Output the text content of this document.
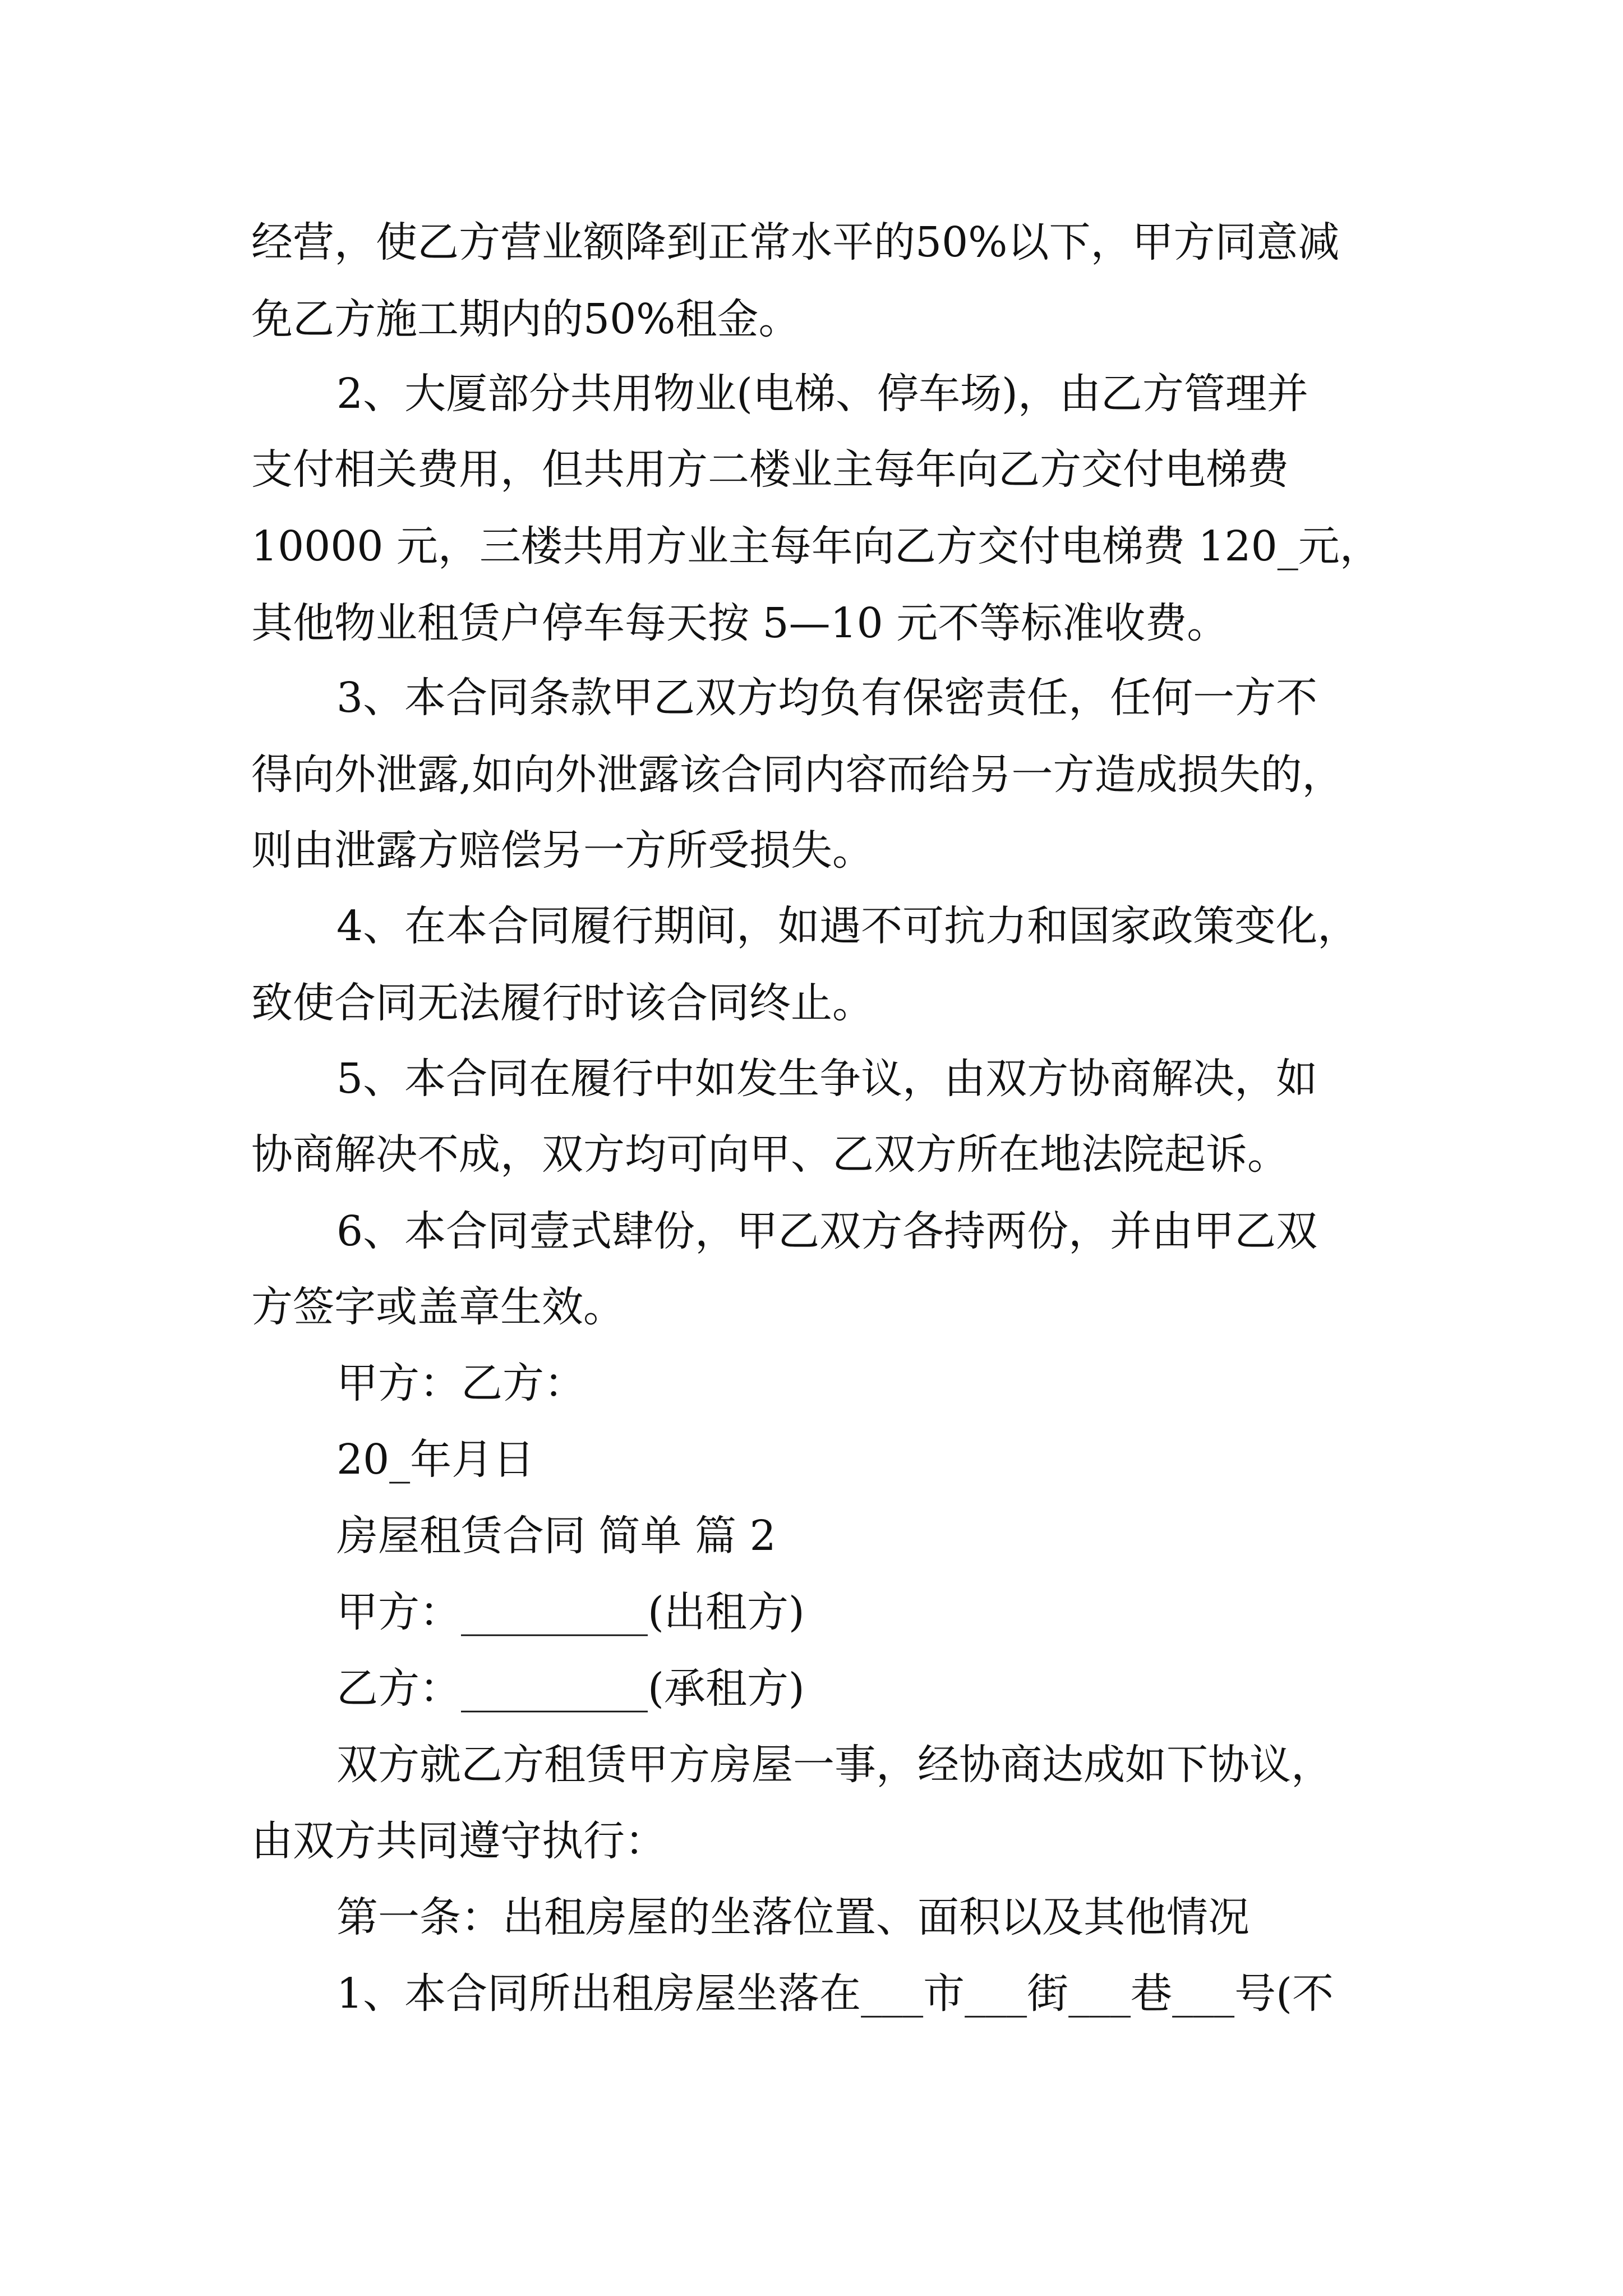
经营，使乙方营业额降到正常水平的50%以下，甲方同意减

免乙方施工期内的50%租金。

2、大厦部分共用物业(电梯、停车场)，由乙方管理并

支付相关费用，但共用方二楼业主每年向乙方交付电梯费

10000 元，三楼共用方业主每年向乙方交付电梯费 120_元，

其他物业租赁户停车每天按 5—10 元不等标准收费。

3、本合同条款甲乙双方均负有保密责任，任何一方不

得向外泄露,如向外泄露该合同内容而给另一方造成损失的，

则由泄露方赔偿另一方所受损失。

4、在本合同履行期间，如遇不可抗力和国家政策变化，

致使合同无法履行时该合同终止。

5、本合同在履行中如发生争议，由双方协商解决，如

协商解决不成，双方均可向甲、乙双方所在地法院起诉。

6、本合同壹式肆份，甲乙双方各持两份，并由甲乙双

方签字或盖章生效。

甲方：乙方：

20_年月日

房屋租赁合同 简单 篇 2

甲方：_________(出租方)

乙方：_________(承租方)

双方就乙方租赁甲方房屋一事，经协商达成如下协议，

由双方共同遵守执行：

第一条：出租房屋的坐落位置、面积以及其他情况

1、本合同所出租房屋坐落在___市___街___巷___号(不
